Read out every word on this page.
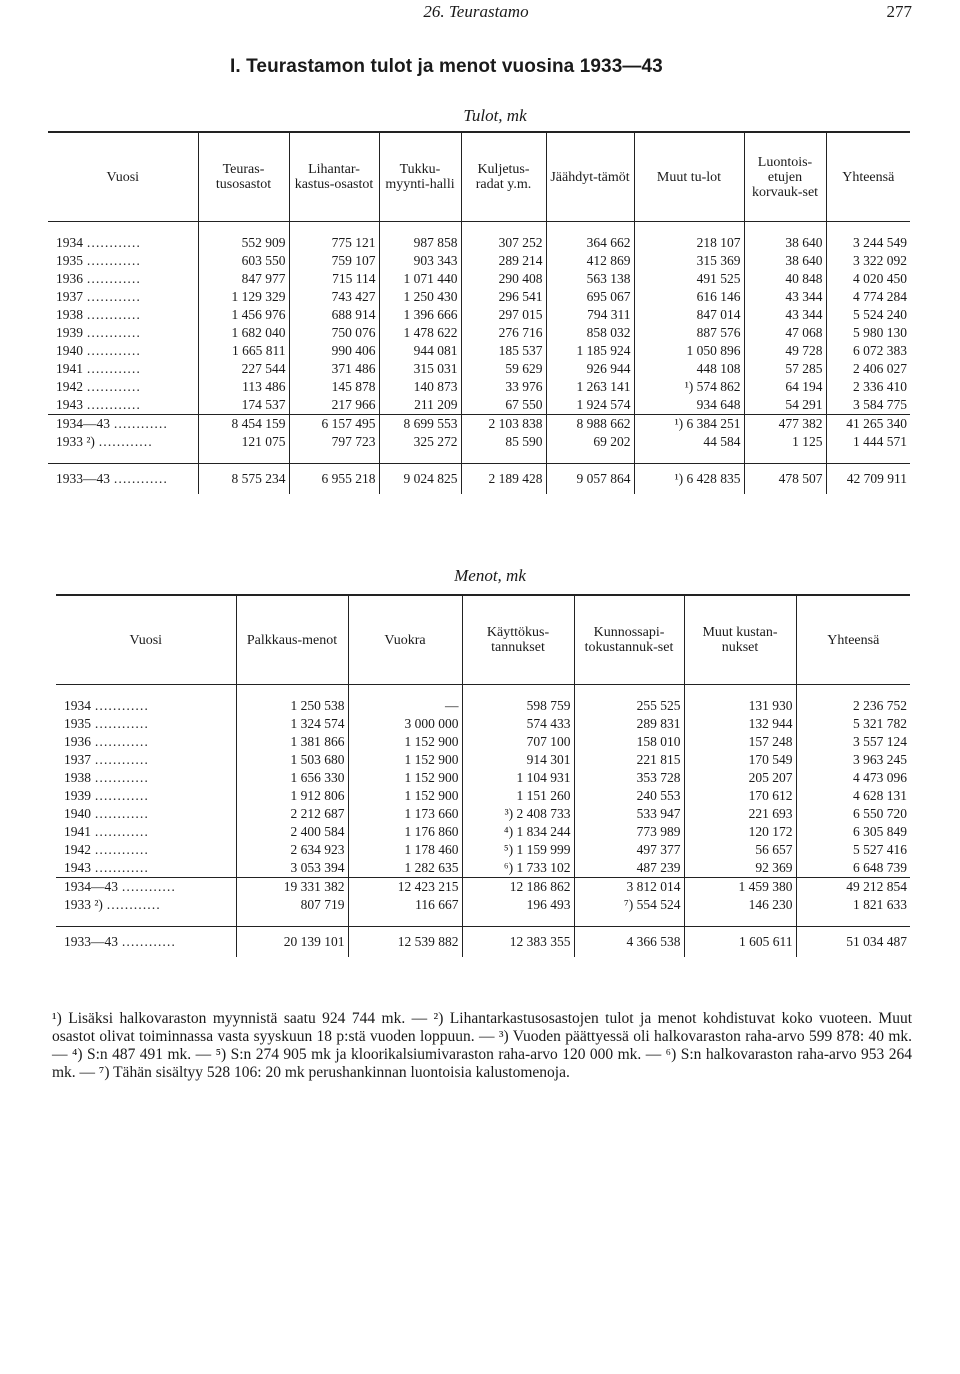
26. Teurastamo	277
I. Teurastamon tulot ja menot vuosina 1933—43
Tulot, mk
Vuosi	Teuras-tusosastot	Lihantar-kastus-osastot	Tukku-myynti-halli	Kuljetus-radat y.m.	Jäähdyt-tämöt	Muut tu-lot	Luontois-etujen korvauk-set	Yhteensä

1934 …………	552 909	775 121	987 858	307 252	364 662	218 107	38 640	3 244 549
1935 …………	603 550	759 107	903 343	289 214	412 869	315 369	38 640	3 322 092
1936 …………	847 977	715 114	1 071 440	290 408	563 138	491 525	40 848	4 020 450
1937 …………	1 129 329	743 427	1 250 430	296 541	695 067	616 146	43 344	4 774 284
1938 …………	1 456 976	688 914	1 396 666	297 015	794 311	847 014	43 344	5 524 240
1939 …………	1 682 040	750 076	1 478 622	276 716	858 032	887 576	47 068	5 980 130
1940 …………	1 665 811	990 406	944 081	185 537	1 185 924	1 050 896	49 728	6 072 383
1941 …………	227 544	371 486	315 031	59 629	926 944	448 108	57 285	2 406 027
1942 …………	113 486	145 878	140 873	33 976	1 263 141	¹) 574 862	64 194	2 336 410
1943 …………	174 537	217 966	211 209	67 550	1 924 574	934 648	54 291	3 584 775
1934—43 …………	8 454 159	6 157 495	8 699 553	2 103 838	8 988 662	¹) 6 384 251	477 382	41 265 340
1933 ²) …………	121 075	797 723	325 272	85 590	69 202	44 584	1 125	1 444 571

1933—43 …………	8 575 234	6 955 218	9 024 825	2 189 428	9 057 864	¹) 6 428 835	478 507	42 709 911
Menot, mk
Vuosi	Palkkaus-menot	Vuokra	Käyttökus-tannukset	Kunnossapi-tokustannuk-set	Muut kustan-nukset	Yhteensä

1934 …………	1 250 538	—	598 759	255 525	131 930	2 236 752
1935 …………	1 324 574	3 000 000	574 433	289 831	132 944	5 321 782
1936 …………	1 381 866	1 152 900	707 100	158 010	157 248	3 557 124
1937 …………	1 503 680	1 152 900	914 301	221 815	170 549	3 963 245
1938 …………	1 656 330	1 152 900	1 104 931	353 728	205 207	4 473 096
1939 …………	1 912 806	1 152 900	1 151 260	240 553	170 612	4 628 131
1940 …………	2 212 687	1 173 660	³) 2 408 733	533 947	221 693	6 550 720
1941 …………	2 400 584	1 176 860	⁴) 1 834 244	773 989	120 172	6 305 849
1942 …………	2 634 923	1 178 460	⁵) 1 159 999	497 377	56 657	5 527 416
1943 …………	3 053 394	1 282 635	⁶) 1 733 102	487 239	92 369	6 648 739
1934—43 …………	19 331 382	12 423 215	12 186 862	3 812 014	1 459 380	49 212 854
1933 ²) …………	807 719	116 667	196 493	⁷) 554 524	146 230	1 821 633

1933—43 …………	20 139 101	12 539 882	12 383 355	4 366 538	1 605 611	51 034 487
¹) Lisäksi halkovaraston myynnistä saatu 924 744 mk. — ²) Lihantarkastusosastojen tulot ja menot kohdistuvat koko vuoteen. Muut osastot olivat toiminnassa vasta syyskuun 18 p:stä vuoden loppuun. — ³) Vuoden päättyessä oli halkovaraston raha-arvo 599 878: 40 mk. — ⁴) S:n 487 491 mk. — ⁵) S:n 274 905 mk ja kloorikalsiumivaraston raha-arvo 120 000 mk. — ⁶) S:n halkovaraston raha-arvo 953 264 mk. — ⁷) Tähän sisältyy 528 106: 20 mk perushankinnan luontoisia kalustomenoja.
